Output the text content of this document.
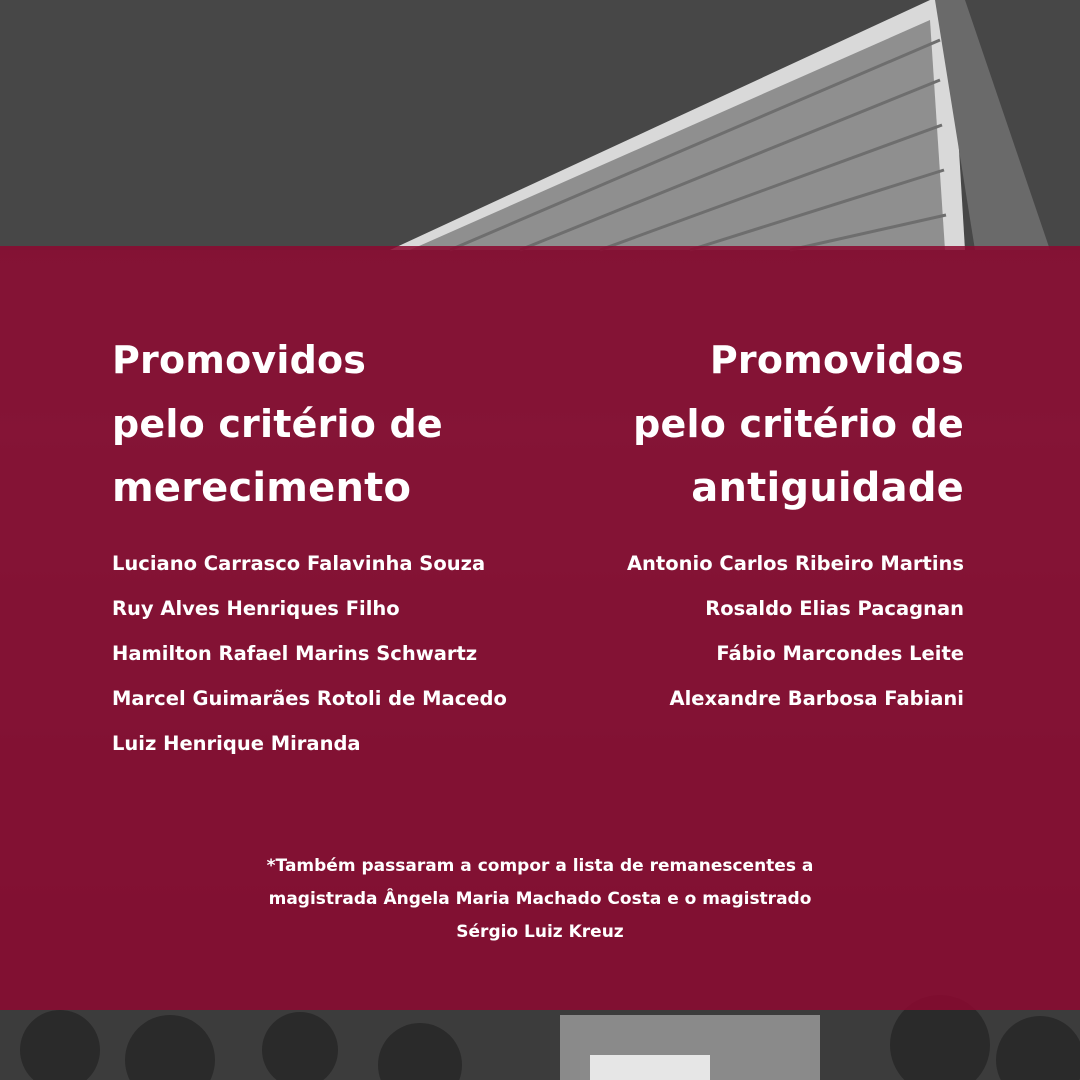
Promovidos
pelo critério de
merecimento
Promovidos
pelo critério de
antiguidade
Luciano Carrasco Falavinha Souza
Ruy Alves Henriques Filho
Hamilton Rafael Marins Schwartz
Marcel Guimarães Rotoli de Macedo
Luiz Henrique Miranda
Antonio Carlos Ribeiro Martins
Rosaldo Elias Pacagnan
Fábio Marcondes Leite
Alexandre Barbosa Fabiani
*Também passaram a compor a lista de remanescentes a
magistrada Ângela Maria Machado Costa e o magistrado
Sérgio Luiz Kreuz
